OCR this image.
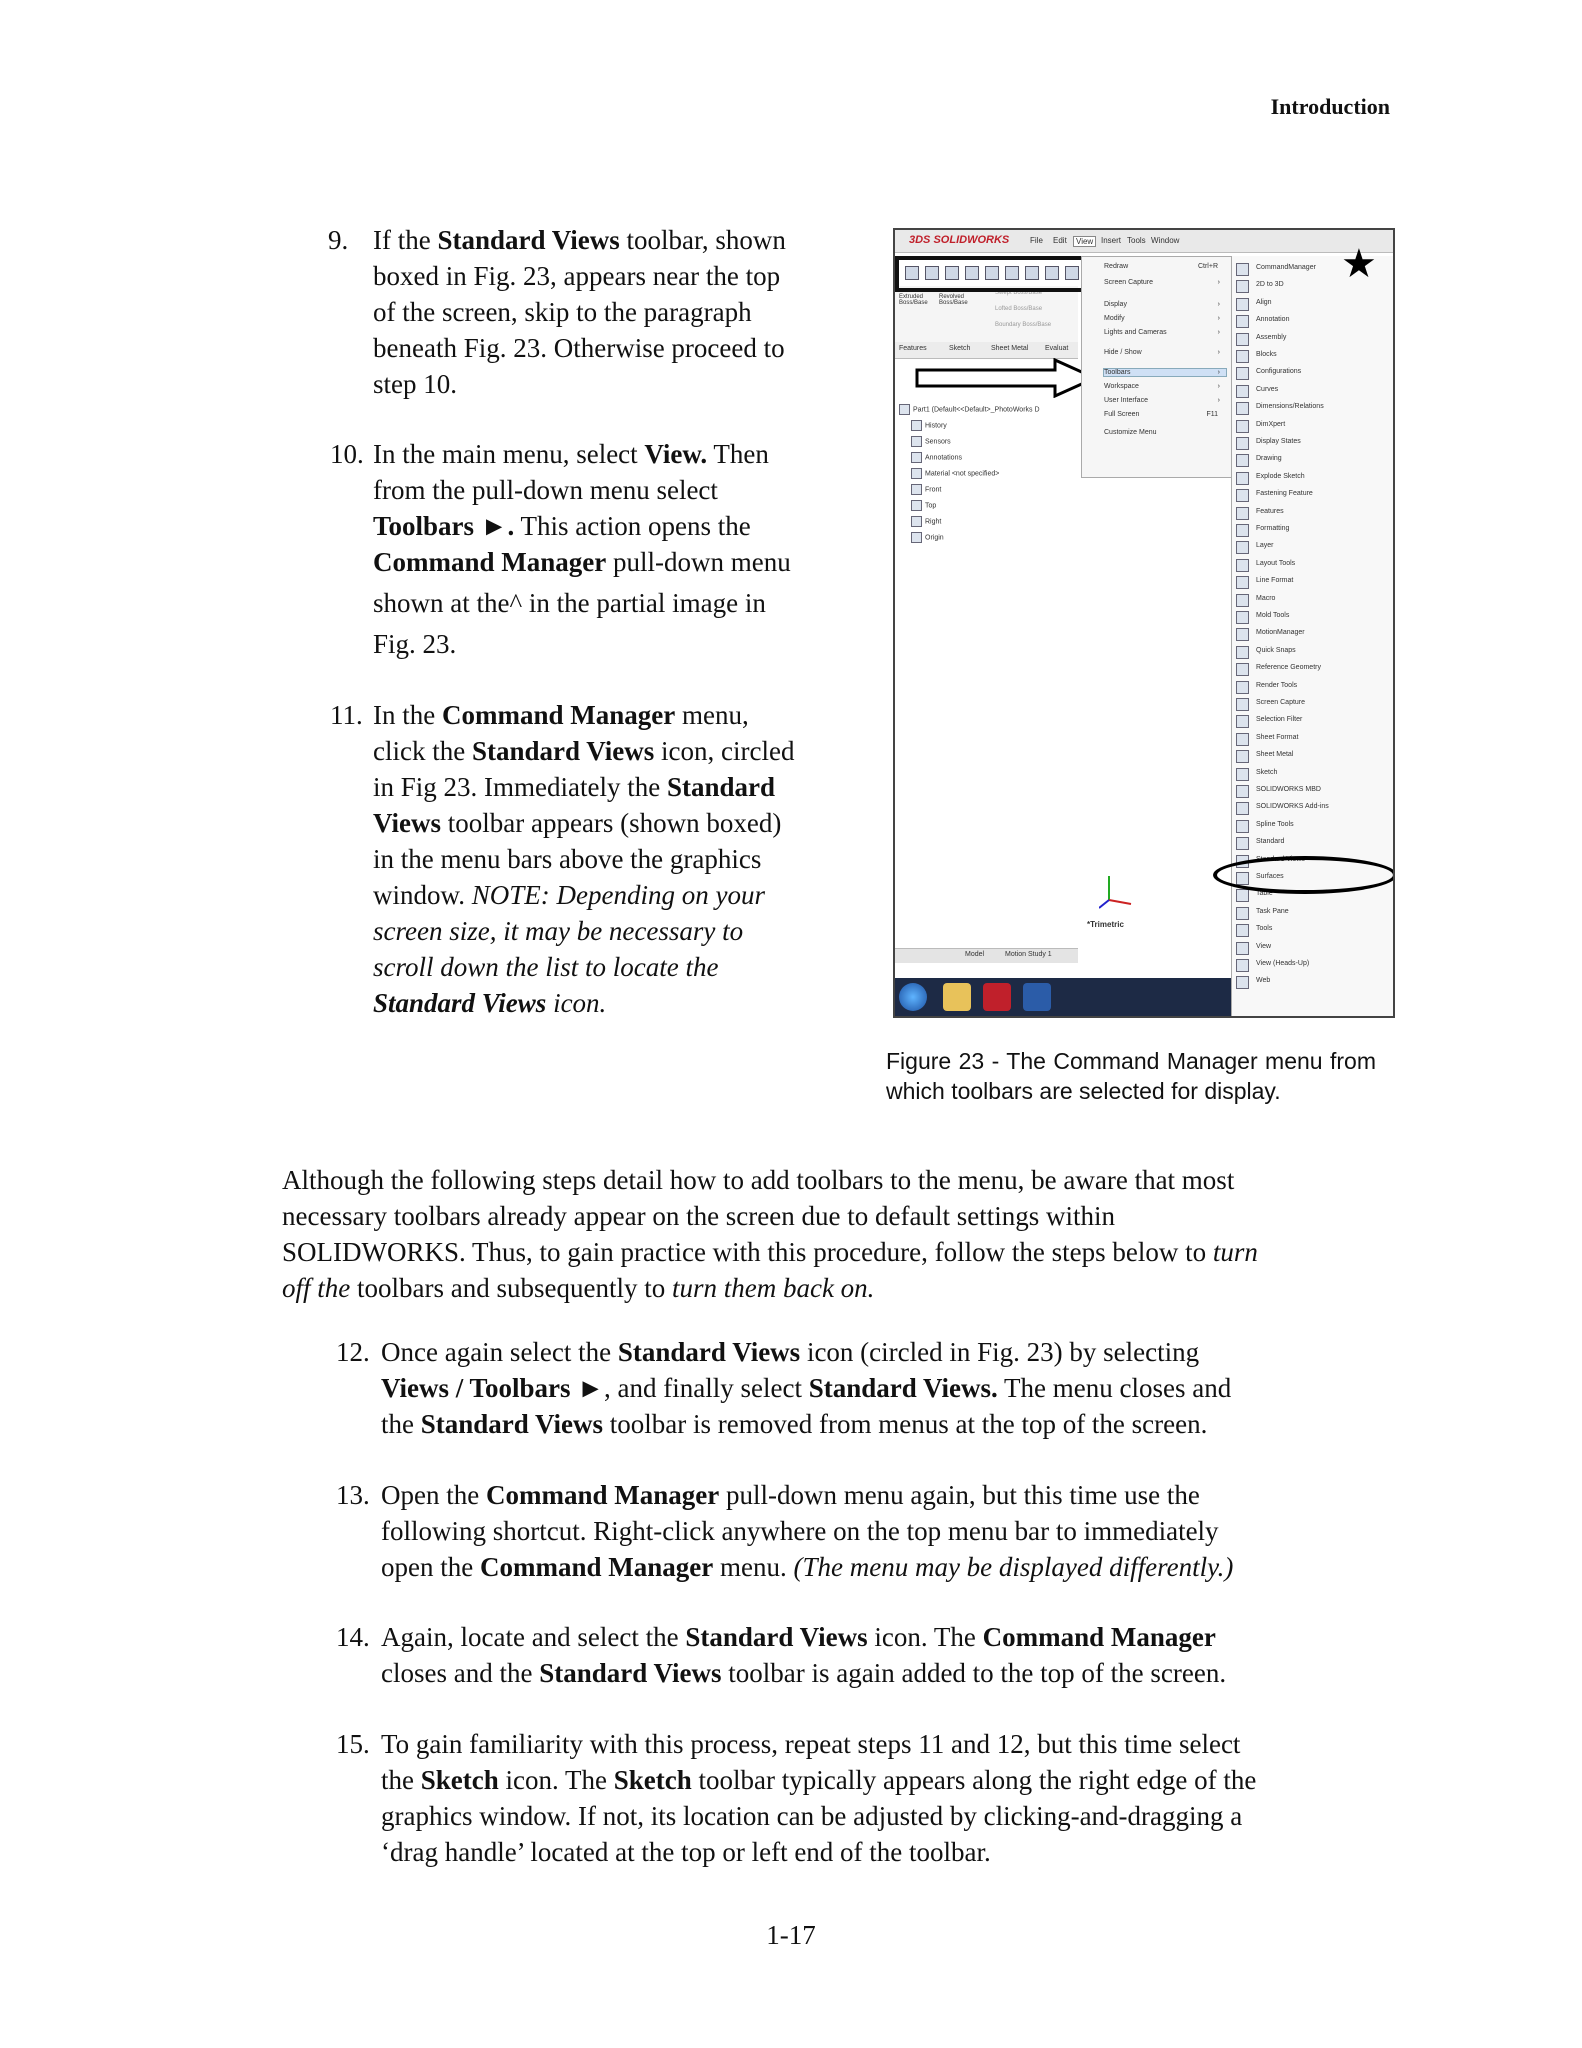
Introduction
9. If the Standard Views toolbar, shown
boxed in Fig. 23, appears near the top
of the screen, skip to the paragraph
beneath Fig. 23. Otherwise proceed to
step 10.
10. In the main menu, select View. Then
from the pull-down menu select
Toolbars ►. This action opens the
Command Manager pull-down menu
shown at the^ in the partial image in
Fig. 23.
11. In the Command Manager menu,
click the Standard Views icon, circled
in Fig 23. Immediately the Standard
Views toolbar appears (shown boxed)
in the menu bars above the graphics
window. NOTE: Depending on your
screen size, it may be necessary to
scroll down the list to locate the
Standard Views icon.
3DS SOLIDWORKS	File Edit	View Insert Tools Window
Extruded Boss/Base
Revolved Boss/Base
Swept Boss/Base
Lofted Boss/Base
Boundary Boss/Base
Features	Sketch	Sheet Metal Evaluat
Part1 (Default<<Default>_PhotoWorks D
History
Sensors
Annotations
Material <not specified>
Front
Top
Right
Origin
*Trimetric
Model	Motion Study 1
Redraw	Ctrl+R
Screen Capture	›
Display	›
Modify	›
Lights and Cameras	›
Hide / Show	›
Toolbars	›
Workspace	›
User Interface	›
Full Screen	F11
Customize Menu
CommandManager
2D to 3D
Align
Annotation
Assembly
Blocks
Configurations
Curves
Dimensions/Relations
DimXpert
Display States
Drawing
Explode Sketch
Fastening Feature
Features
Formatting
Layer
Layout Tools
Line Format
Macro
Mold Tools
MotionManager
Quick Snaps
Reference Geometry
Render Tools
Screen Capture
Selection Filter
Sheet Format
Sheet Metal
Sketch
SOLIDWORKS MBD
SOLIDWORKS Add-ins
Spline Tools
Standard
Standard Views
Surfaces
Table
Task Pane
Tools
View
View (Heads-Up)
Web
★
Figure 23 - The Command Manager menu from which toolbars are selected for display.
Although the following steps detail how to add toolbars to the menu, be aware that most
necessary toolbars already appear on the screen due to default settings within
SOLIDWORKS. Thus, to gain practice with this procedure, follow the steps below to turn
off the toolbars and subsequently to turn them back on.
12. Once again select the Standard Views icon (circled in Fig. 23) by selecting
Views / Toolbars ►, and finally select Standard Views. The menu closes and
the Standard Views toolbar is removed from menus at the top of the screen.
13. Open the Command Manager pull-down menu again, but this time use the
following shortcut. Right-click anywhere on the top menu bar to immediately
open the Command Manager menu. (The menu may be displayed differently.)
14. Again, locate and select the Standard Views icon. The Command Manager
closes and the Standard Views toolbar is again added to the top of the screen.
15. To gain familiarity with this process, repeat steps 11 and 12, but this time select
the Sketch icon. The Sketch toolbar typically appears along the right edge of the
graphics window. If not, its location can be adjusted by clicking-and-dragging a
‘drag handle’ located at the top or left end of the toolbar.
1-17
